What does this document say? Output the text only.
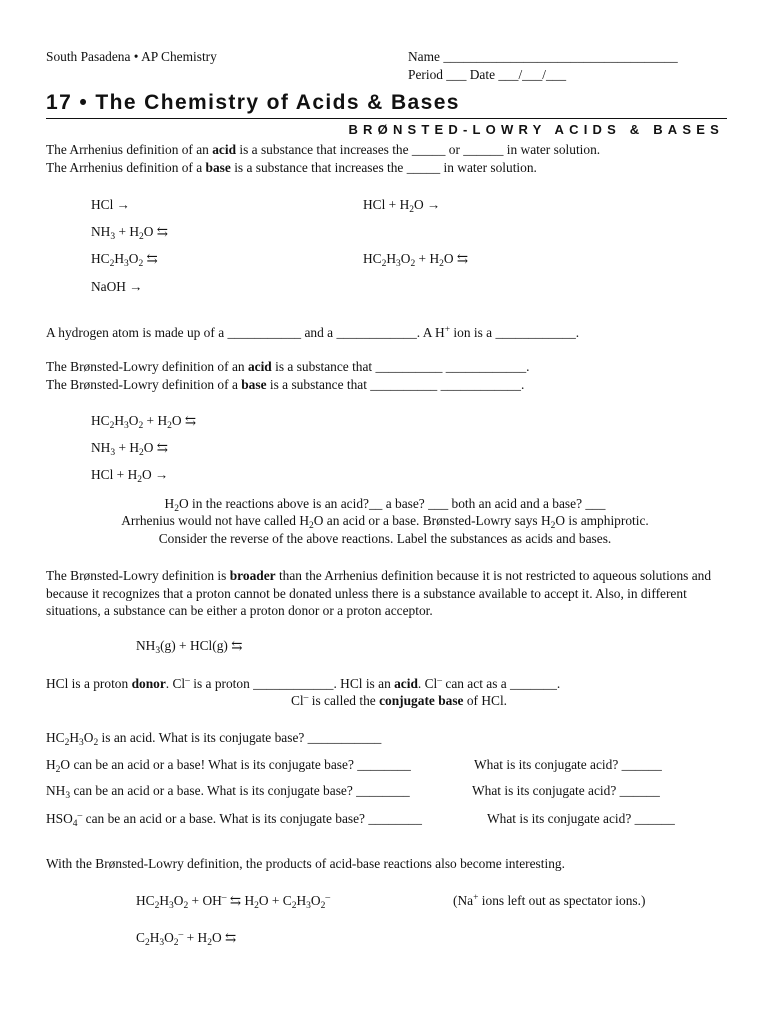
South Pasadena • AP Chemistry	Name ___________________________________
Period ___ Date ___/___/___
17 • The Chemistry of Acids & Bases
BRØNSTED-LOWRY ACIDS & BASES
The Arrhenius definition of an acid is a substance that increases the _____ or ______ in water solution.
The Arrhenius definition of a base is a substance that increases the _____ in water solution.
HCl →	HCl + $H_2O$ →
$NH_3 + H_2O$ ⇆
$HC_2H_3O_2$ ⇆	$HC_2H_3O_2 + H_2O$ ⇆
NaOH →
A hydrogen atom is made up of a ___________ and a ____________. A H+ ion is a ____________.
The Brønsted-Lowry definition of an acid is a substance that __________ ____________.
The Brønsted-Lowry definition of a base is a substance that __________ ____________.
$HC_2H_3O_2 + H_2O$ ⇆
$NH_3 + H_2O$ ⇆
HCl + $H_2O$ →
$H_2O$ in the reactions above is an acid?__ a base? ___ both an acid and a base? ___
Arrhenius would not have called $H_2O$ an acid or a base. Brønsted-Lowry says $H_2O$ is amphiprotic.
Consider the reverse of the above reactions. Label the substances as acids and bases.
The Brønsted-Lowry definition is broader than the Arrhenius definition because it is not restricted to aqueous solutions and because it recognizes that a proton cannot be donated unless there is a substance available to accept it. Also, in different situations, a substance can be either a proton donor or a proton acceptor.
$NH_3(g) + HCl(g)$ ⇆
HCl is a proton donor. Cl– is a proton ____________. HCl is an acid. Cl– can act as a _______.
Cl– is called the conjugate base of HCl.
$HC_2H_3O_2$ is an acid. What is its conjugate base? ___________
$H_2O$ can be an acid or a base! What is its conjugate base? ________	What is its conjugate acid? ______
$NH_3$ can be an acid or a base. What is its conjugate base? ________	What is its conjugate acid? ______
$HSO_4^-$ can be an acid or a base. What is its conjugate base? ________	What is its conjugate acid? ______
With the Brønsted-Lowry definition, the products of acid-base reactions also become interesting.
$HC_2H_3O_2 + OH^-$ ⇆ $H_2O + C_2H_3O_2^-$	(Na+ ions left out as spectator ions.)
$C_2H_3O_2^- + H_2O$ ⇆
